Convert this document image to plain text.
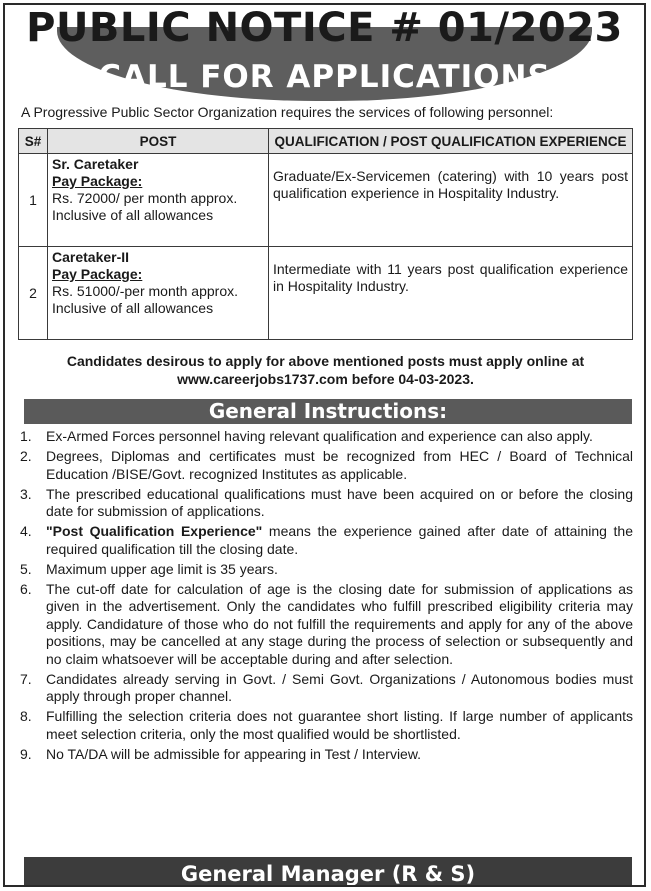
PUBLIC NOTICE # 01/2023
CALL FOR APPLICATIONS
A Progressive Public Sector Organization requires the services of following personnel:
S#	POST	QUALIFICATION / POST QUALIFICATION EXPERIENCE
1	Sr. Caretaker
Pay Package:
Rs. 72000/ per month approx.
Inclusive of all allowances	Graduate/Ex-Servicemen (catering) with 10 years post qualification experience in Hospitality Industry.
2	Caretaker-II
Pay Package:
Rs. 51000/-per month approx.
Inclusive of all allowances	Intermediate with 11 years post qualification experience in Hospitality Industry.
Candidates desirous to apply for above mentioned posts must apply online at
www.careerjobs1737.com before 04-03-2023.
General Instructions:
1. Ex-Armed Forces personnel having relevant qualification and experience can also apply.
2. Degrees, Diplomas and certificates must be recognized from HEC / Board of Technical Education /BISE/Govt. recognized Institutes as applicable.
3. The prescribed educational qualifications must have been acquired on or before the closing date for submission of applications.
4. "Post Qualification Experience" means the experience gained after date of attaining the required qualification till the closing date.
5. Maximum upper age limit is 35 years.
6. The cut-off date for calculation of age is the closing date for submission of applications as given in the advertisement. Only the candidates who fulfill prescribed eligibility criteria may apply. Candidature of those who do not fulfill the requirements and apply for any of the above positions, may be cancelled at any stage during the process of selection or subsequently and no claim whatsoever will be acceptable during and after selection.
7. Candidates already serving in Govt. / Semi Govt. Organizations / Autonomous bodies must apply through proper channel.
8. Fulfilling the selection criteria does not guarantee short listing. If large number of applicants meet selection criteria, only the most qualified would be shortlisted.
9. No TA/DA will be admissible for appearing in Test / Interview.
General Manager (R & S)
